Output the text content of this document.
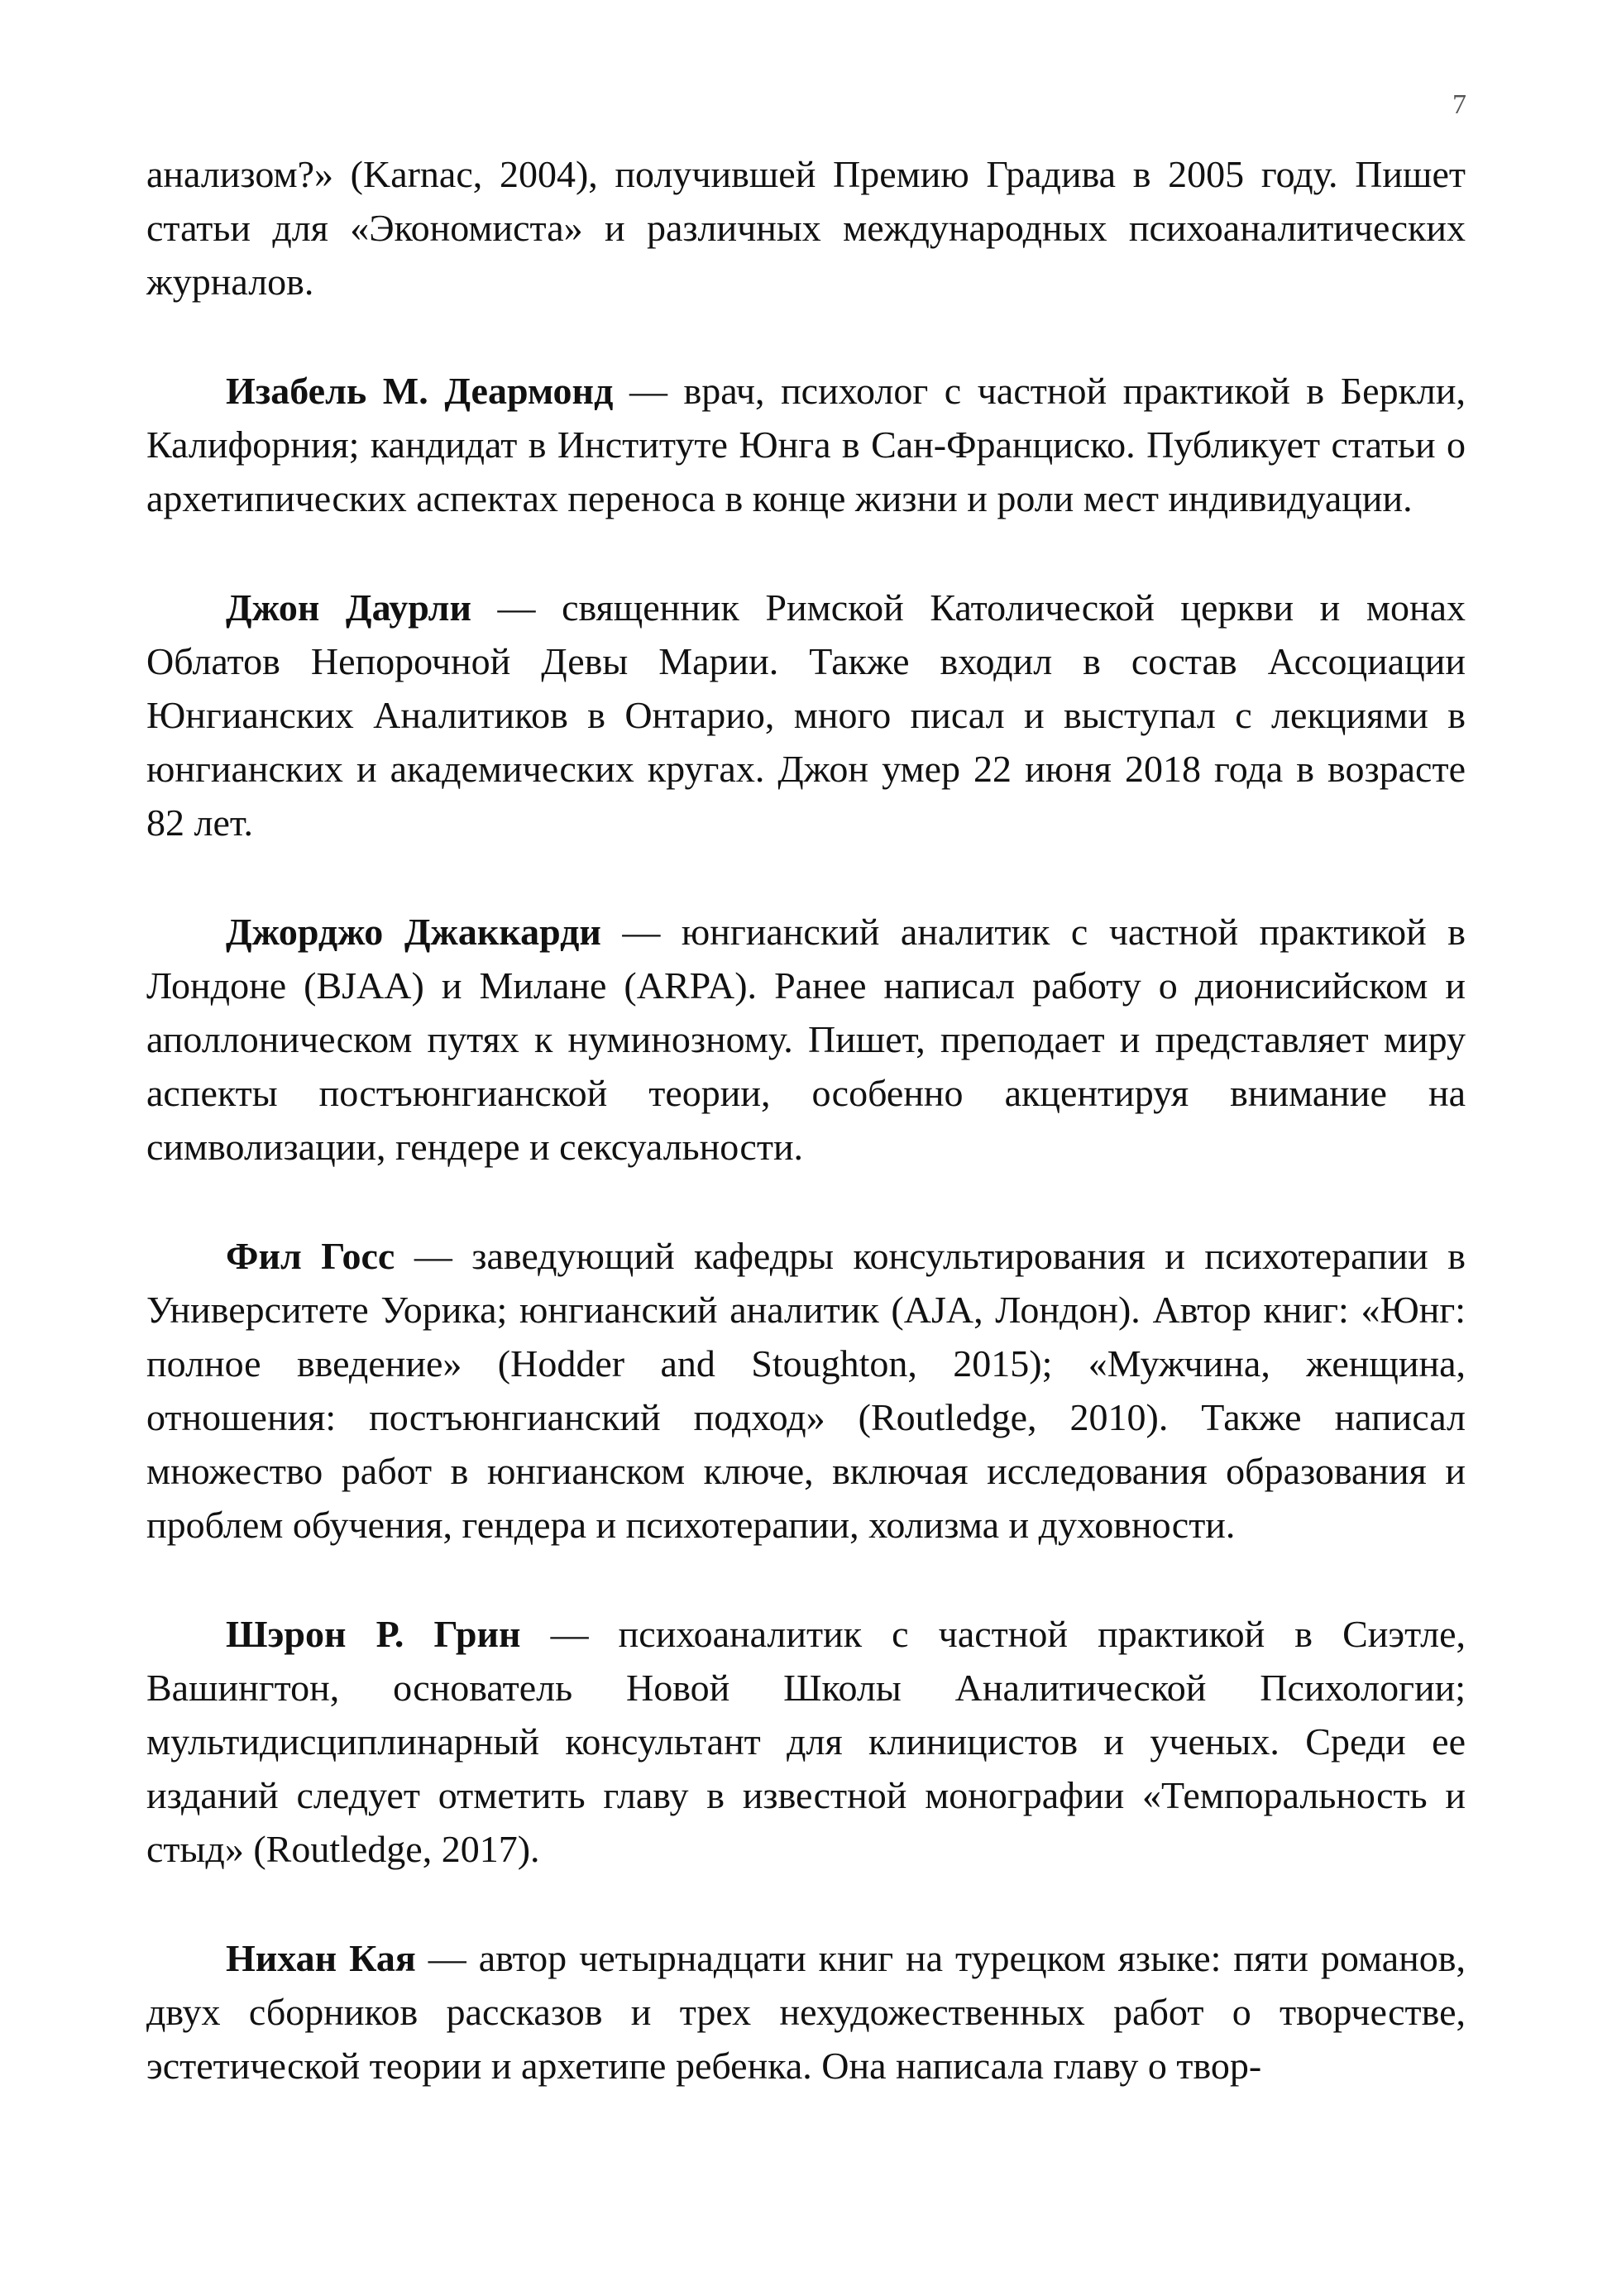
7

анализом?» (Karnac, 2004), получившей Премию Градива в 2005 году. Пишет статьи для «Экономиста» и различных международных психоаналитических журналов.

Изабель М. Деармонд — врач, психолог с частной практикой в Беркли, Калифорния; кандидат в Институте Юнга в Сан-Франциско. Публикует статьи о архетипических аспектах переноса в конце жизни и роли мест индивидуации.

Джон Даурли — священник Римской Католической церкви и монах Облатов Непорочной Девы Марии. Также входил в состав Ассоциации Юнгианских Аналитиков в Онтарио, много писал и выступал с лекциями в юнгианских и академических кругах. Джон умер 22 июня 2018 года в возрасте 82 лет.

Джорджо Джаккарди — юнгианский аналитик с частной практикой в Лондоне (BJAA) и Милане (ARPA). Ранее написал работу о дионисийском и аполлоническом путях к нуминозному. Пишет, преподает и представляет миру аспекты постъюнгианской теории, особенно акцентируя внимание на символизации, гендере и сексуальности.

Фил Госс — заведующий кафедры консультирования и психотерапии в Университете Уорика; юнгианский аналитик (AJA, Лондон). Автор книг: «Юнг: полное введение» (Hodder and Stoughton, 2015); «Мужчина, женщина, отношения: постъюнгианский подход» (Routledge, 2010). Также написал множество работ в юнгианском ключе, включая исследования образования и проблем обучения, гендера и психотерапии, холизма и духовности.

Шэрон Р. Грин — психоаналитик с частной практикой в Сиэтле, Вашингтон, основатель Новой Школы Аналитической Психологии; мультидисциплинарный консультант для клиницистов и ученых. Среди ее изданий следует отметить главу в известной монографии «Темпоральность и стыд» (Routledge, 2017).

Нихан Кая — автор четырнадцати книг на турецком языке: пяти романов, двух сборников рассказов и трех нехудожественных работ о творчестве, эстетической теории и архетипе ребенка. Она написала главу о твор-
